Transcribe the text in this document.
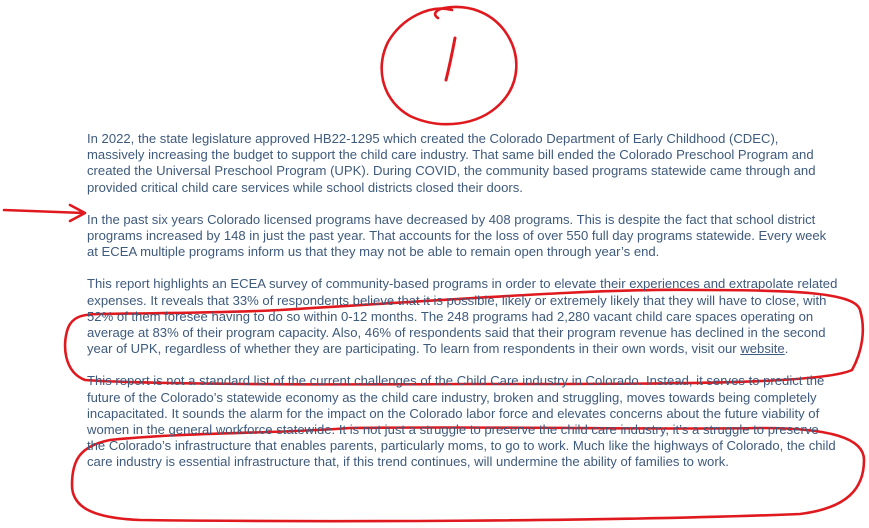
1

In 2022, the state legislature approved HB22-1295 which created the Colorado Department of Early Childhood (CDEC), massively increasing the budget to support the child care industry. That same bill ended the Colorado Preschool Program and created the Universal Preschool Program (UPK). During COVID, the community based programs statewide came through and provided critical child care services while school districts closed their doors.

In the past six years Colorado licensed programs have decreased by 408 programs. This is despite the fact that school district programs increased by 148 in just the past year. That accounts for the loss of over 550 full day programs statewide. Every week at ECEA multiple programs inform us that they may not be able to remain open through year’s end.

This report highlights an ECEA survey of community-based programs in order to elevate their experiences and extrapolate related expenses. It reveals that 33% of respondents believe that it is possible, likely or extremely likely that they will have to close, with 52% of them foresee having to do so within 0-12 months. The 248 programs had 2,280 vacant child care spaces operating on average at 83% of their program capacity. Also, 46% of respondents said that their program revenue has declined in the second year of UPK, regardless of whether they are participating. To learn from respondents in their own words, visit our website.

This report is not a standard list of the current challenges of the Child Care industry in Colorado. Instead, it serves to predict the future of the Colorado’s statewide economy as the child care industry, broken and struggling, moves towards being completely incapacitated. It sounds the alarm for the impact on the Colorado labor force and elevates concerns about the future viability of women in the general workforce statewide. It is not just a struggle to preserve the child care industry, it’s a struggle to preserve the Colorado’s infrastructure that enables parents, particularly moms, to go to work. Much like the highways of Colorado, the child care industry is essential infrastructure that, if this trend continues, will undermine the ability of families to work.
